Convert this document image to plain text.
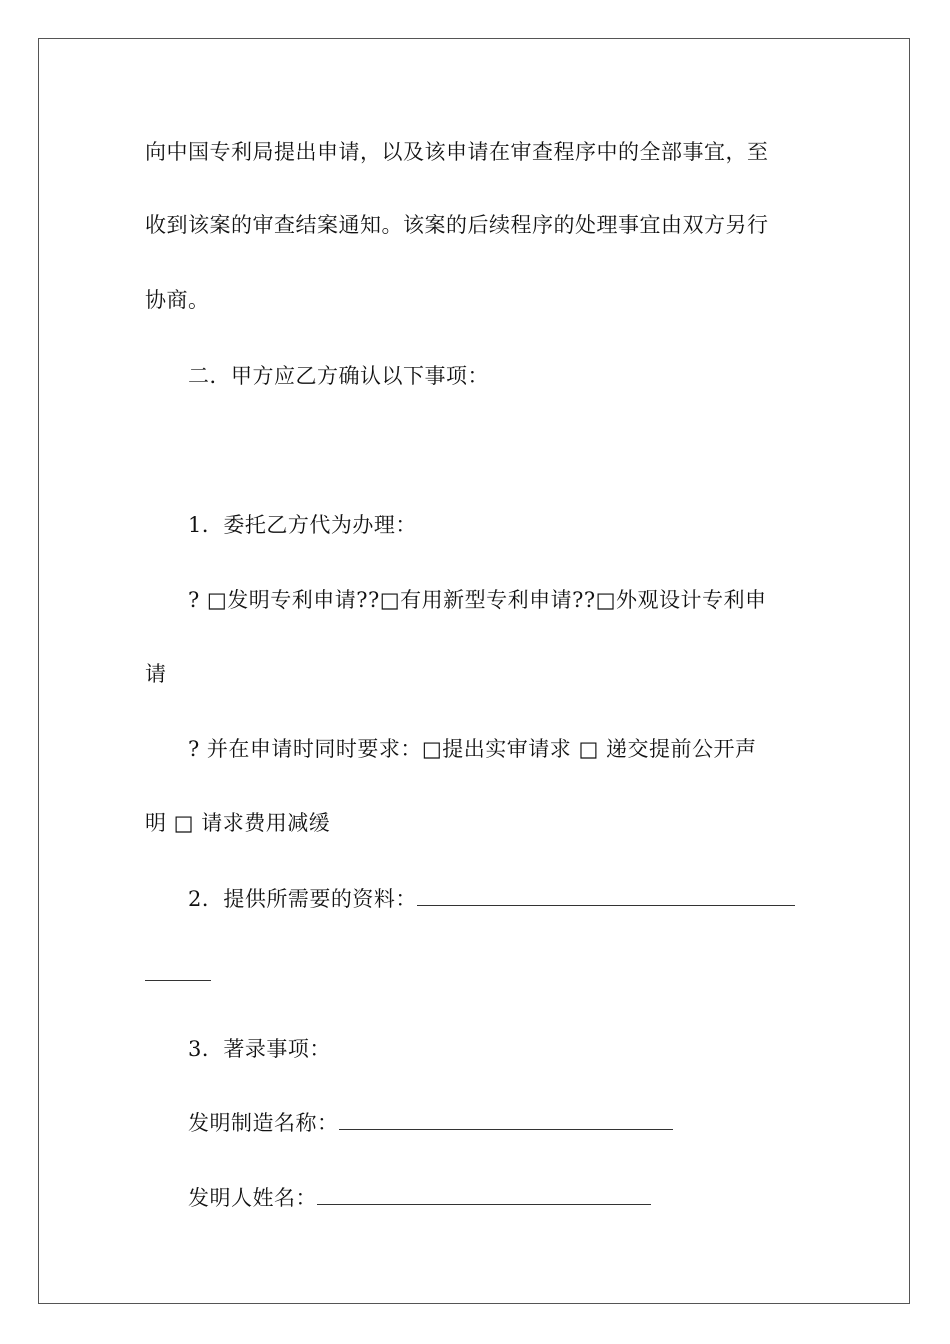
向中国专利局提出申请，以及该申请在审查程序中的全部事宜，至
收到该案的审查结案通知。该案的后续程序的处理事宜由双方另行
协商。
二．甲方应乙方确认以下事项：
1．委托乙方代为办理：
? □发明专利申请??□有用新型专利申请??□外观设计专利申
请
? 并在申请时同时要求：□提出实审请求 □ 递交提前公开声
明 □ 请求费用减缓
2．提供所需要的资料：
3．著录事项：
发明制造名称：
发明人姓名：
